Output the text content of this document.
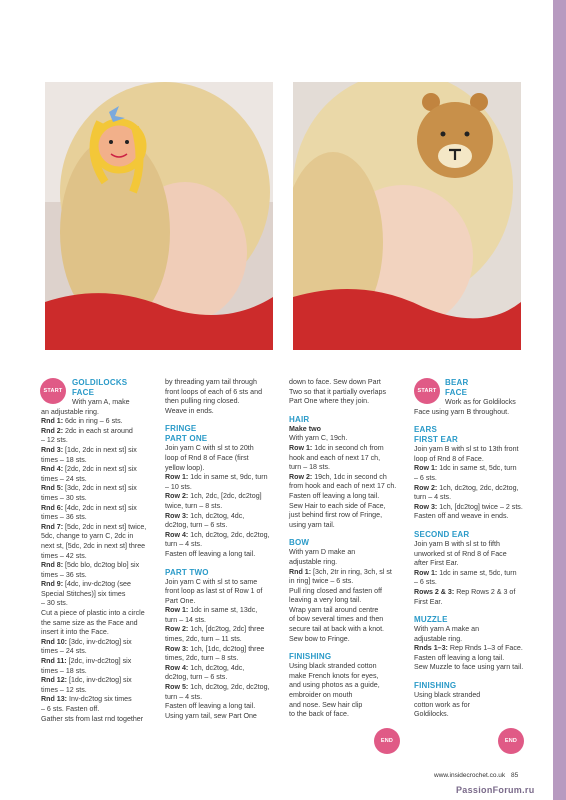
START
GOLDILOCKS
FACE
With yarn A, make
an adjustable ring.
Rnd 1: 6dc in ring – 6 sts.
Rnd 2: 2dc in each st around
– 12 sts.
Rnd 3: [1dc, 2dc in next st] six
times – 18 sts.
Rnd 4: [2dc, 2dc in next st] six
times – 24 sts.
Rnd 5: [3dc, 2dc in next st] six
times – 30 sts.
Rnd 6: [4dc, 2dc in next st] six
times – 36 sts.
Rnd 7: [5dc, 2dc in next st] twice,
5dc, change to yarn C, 2dc in
next st, [5dc, 2dc in next st] three
times – 42 sts.
Rnd 8: [5dc blo, dc2tog blo] six
times – 36 sts.
Rnd 9: [4dc, inv-dc2tog (see
Special Stitches)] six times
– 30 sts.
Cut a piece of plastic into a circle
the same size as the Face and
insert it into the Face.
Rnd 10: [3dc, inv-dc2tog] six
times – 24 sts.
Rnd 11: [2dc, inv-dc2tog] six
times – 18 sts.
Rnd 12: [1dc, inv-dc2tog] six
times – 12 sts.
Rnd 13: Inv-dc2tog six times
– 6 sts. Fasten off.
Gather sts from last rnd together
by threading yarn tail through
front loops of each of 6 sts and
then pulling ring closed.
Weave in ends.
FRINGE
PART ONE
Join yarn C with sl st to 20th
loop of Rnd 8 of Face (first
yellow loop).
Row 1: 1dc in same st, 9dc, turn
– 10 sts.
Row 2: 1ch, 2dc, [2dc, dc2tog]
twice, turn – 8 sts.
Row 3: 1ch, dc2tog, 4dc,
dc2tog, turn – 6 sts.
Row 4: 1ch, dc2tog, 2dc, dc2tog,
turn – 4 sts.
Fasten off leaving a long tail.
PART TWO
Join yarn C with sl st to same
front loop as last st of Row 1 of
Part One.
Row 1: 1dc in same st, 13dc,
turn – 14 sts.
Row 2: 1ch, [dc2tog, 2dc] three
times, 2dc, turn – 11 sts.
Row 3: 1ch, [1dc, dc2tog] three
times, 2dc, turn – 8 sts.
Row 4: 1ch, dc2tog, 4dc,
dc2tog, turn – 6 sts.
Row 5: 1ch, dc2tog, 2dc, dc2tog,
turn – 4 sts.
Fasten off leaving a long tail.
Using yarn tail, sew Part One
down to face. Sew down Part
Two so that it partially overlaps
Part One where they join.
HAIR
Make two
With yarn C, 19ch.
Row 1: 1dc in second ch from
hook and each of next 17 ch,
turn – 18 sts.
Row 2: 19ch, 1dc in second ch
from hook and each of next 17 ch.
Fasten off leaving a long tail.
Sew Hair to each side of Face,
just behind first row of Fringe,
using yarn tail.
BOW
With yarn D make an
adjustable ring.
Rnd 1: [3ch, 2tr in ring, 3ch, sl st
in ring] twice – 6 sts.
Pull ring closed and fasten off
leaving a very long tail.
Wrap yarn tail around centre
of bow several times and then
secure tail at back with a knot.
Sew bow to Fringe.
FINISHING
Using black stranded cotton
make French knots for eyes,
and using photos as a guide,
embroider on mouth
and nose. Sew hair clip
to the back of face.
END
START
BEAR
FACE
Work as for Goldilocks
Face using yarn B throughout.
EARS
FIRST EAR
Join yarn B with sl st to 13th front
loop of Rnd 8 of Face.
Row 1: 1dc in same st, 5dc, turn
– 6 sts.
Row 2: 1ch, dc2tog, 2dc, dc2tog,
turn – 4 sts.
Row 3: 1ch, [dc2tog] twice – 2 sts.
Fasten off and weave in ends.
SECOND EAR
Join yarn B with sl st to fifth
unworked st of Rnd 8 of Face
after First Ear.
Row 1: 1dc in same st, 5dc, turn
– 6 sts.
Rows 2 & 3: Rep Rows 2 & 3 of
First Ear.
MUZZLE
With yarn A make an
adjustable ring.
Rnds 1–3: Rep Rnds 1–3 of Face.
Fasten off leaving a long tail.
Sew Muzzle to face using yarn tail.
FINISHING
Using black stranded
cotton work as for
Goldilocks.
END
www.insidecrochet.co.uk 85
PassionForum.ru
